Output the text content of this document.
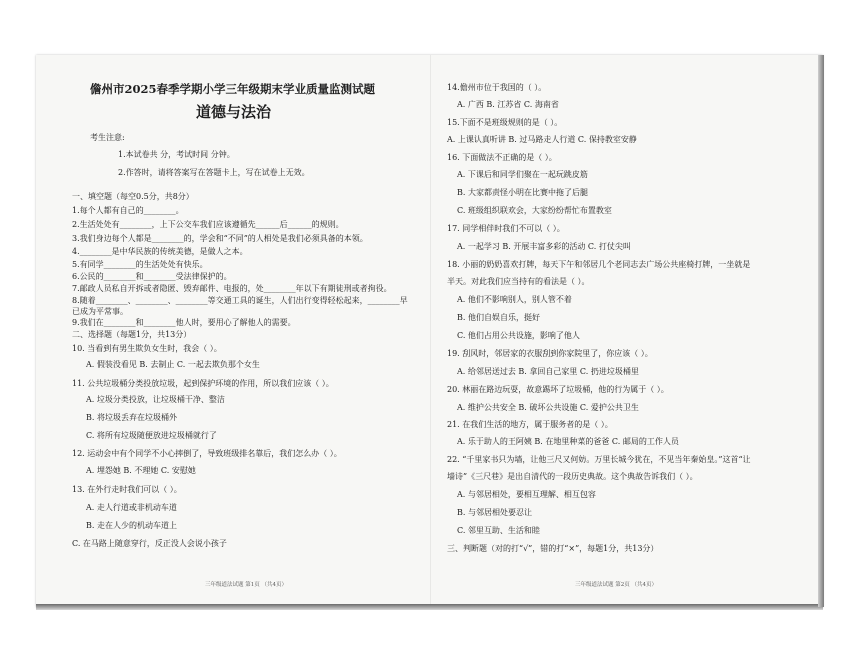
儋州市2025春季学期小学三年级期末学业质量监测试题
道德与法治
考生注意:
1.本试卷共 分，考试时间 分钟。
2.作答时，请将答案写在答题卡上，写在试卷上无效。
一、填空题（每空0.5分，共8分）
1.每个人都有自己的________。
2.生活处处有________，上下公交车我们应该遵循先______后______的规则。
3.我们身边每个人都是________的，学会和“不同”的人相处是我们必须具备的本领。
4.________是中华民族的传统美德，是做人之本。
5.有同学________的生活处处有快乐。
6.公民的________和________受法律保护的。
7.邮政人员私自开拆或者隐匿、毁弃邮件、电报的，处________年以下有期徒刑或者拘役。
8.随着________、________、________等交通工具的诞生，人们出行变得轻松起来，________早
已成为平常事。
9.我们在________和________他人时，要用心了解他人的需要。
二、选择题（每题1分，共13分）
10. 当看到有男生欺负女生时，我会（ ）。
A. 假装没看见 B. 去制止 C. 一起去欺负那个女生
11. 公共垃圾桶分类投放垃圾，起到保护环境的作用，所以我们应该（ ）。
A. 垃圾分类投放，让垃圾桶干净、整洁
B. 将垃圾丢弃在垃圾桶外
C. 将所有垃圾随便放进垃圾桶就行了
12. 运动会中有个同学不小心摔倒了，导致班级排名靠后，我们怎么办（ ）。
A. 埋怨她 B. 不理她 C. 安慰她
13. 在外行走时我们可以（ ）。
A. 走人行道或非机动车道
B. 走在人少的机动车道上
C. 在马路上随意穿行，反正没人会说小孩子
三年级道法试题 第1页 （共4页）
14.儋州市位于我国的（ ）。
A. 广西 B. 江苏省 C. 海南省
15.下面不是班级规则的是（ ）。
A. 上课认真听讲 B. 过马路走人行道 C. 保持教室安静
16. 下面做法不正确的是（ ）。
A. 下课后和同学们聚在一起玩跳皮筋
B. 大家都责怪小明在比赛中拖了后腿
C. 班级组织联欢会，大家纷纷帮忙布置教室
17. 同学相伴时我们不可以（ ）。
A. 一起学习 B. 开展丰富多彩的活动 C. 打仗尖叫
18. 小丽的奶奶喜欢打牌，每天下午和邻居几个老同志去广场公共座椅打牌，一坐就是
半天。对此我们应当持有的看法是（ ）。
A. 他们不影响别人，别人管不着
B. 他们自娱自乐，挺好
C. 他们占用公共设施，影响了他人
19. 刮风时，邻居家的衣服刮到你家院里了，你应该（ ）。
A. 给邻居送过去 B. 拿回自己家里 C. 扔进垃圾桶里
20. 林丽在路边玩耍，故意踢坏了垃圾桶，他的行为属于（ ）。
A. 维护公共安全 B. 破坏公共设施 C. 爱护公共卫生
21. 在我们生活的地方，属于服务者的是（ ）。
A. 乐于助人的王阿姨 B. 在地里种菜的爸爸 C. 邮局的工作人员
22. “千里家书只为墙，让他三尺又何妨。万里长城今犹在，不见当年秦始皇。”这首“让
墙诗”《三尺巷》是出自清代的一段历史典故。这个典故告诉我们（ ）。
A. 与邻居相处，要相互理解、相互包容
B. 与邻居相处要忍让
C. 邻里互助、生活和睦
三、判断题（对的打“√”，错的打“×”，每题1分，共13分）
三年级道法试题 第2页 （共4页）
